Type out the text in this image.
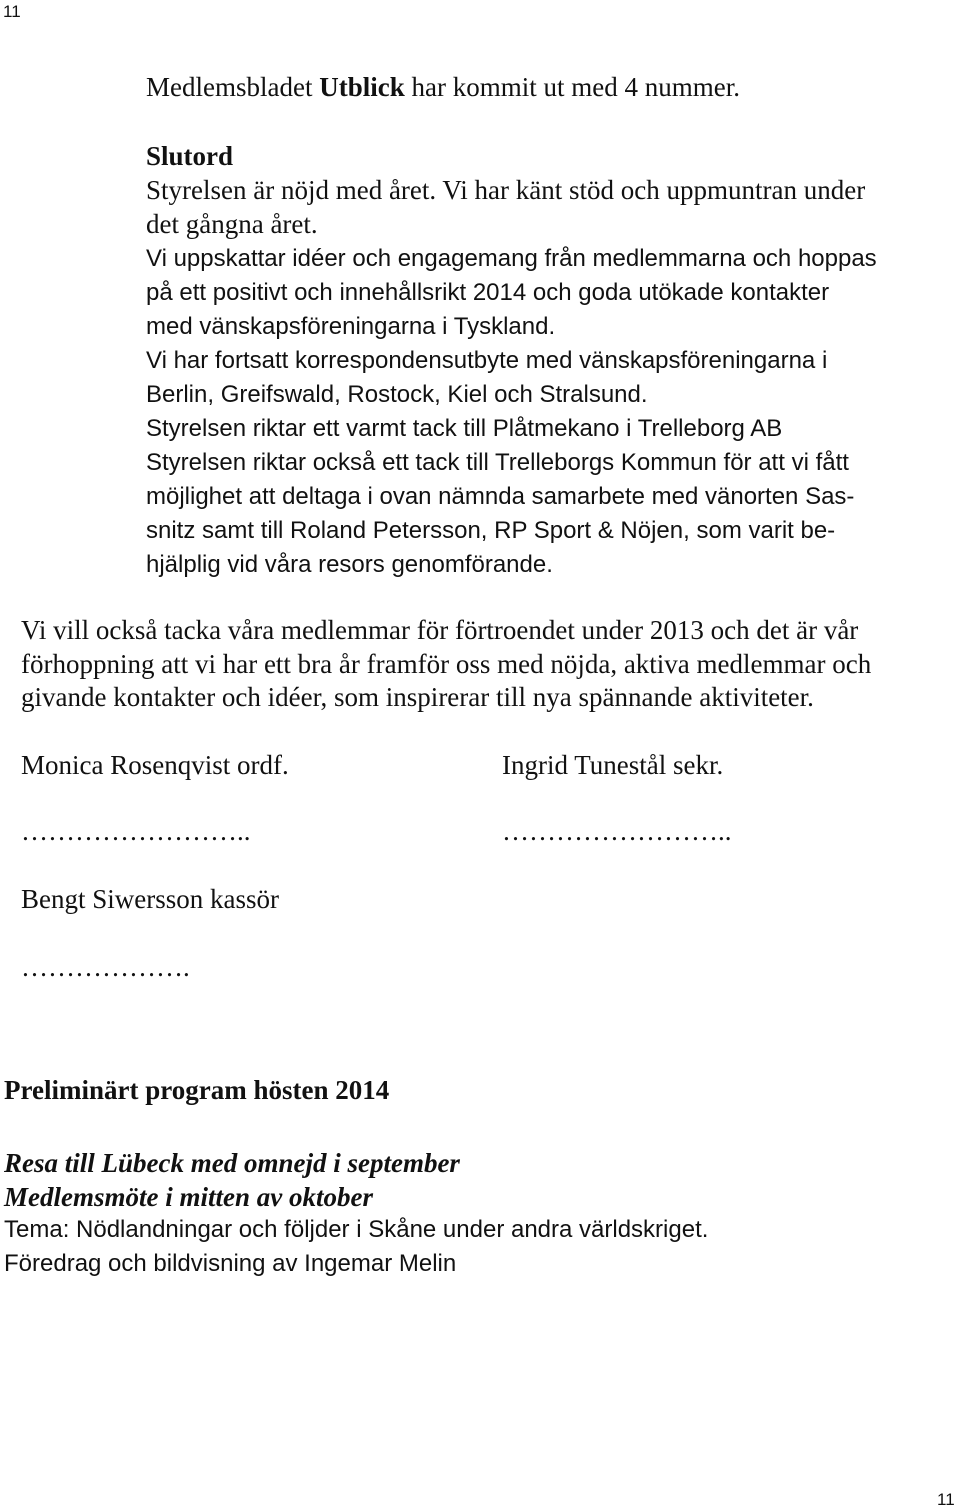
11

Medlemsbladet Utblick har kommit ut med 4 nummer.

Slutord
Styrelsen är nöjd med året. Vi har känt stöd och uppmuntran under
det gångna året.
Vi uppskattar idéer och engagemang från medlemmarna och hoppas
på ett positivt och innehållsrikt 2014 och goda utökade kontakter
med vänskapsföreningarna i Tyskland.
Vi har fortsatt korrespondensutbyte med vänskapsföreningarna i
Berlin, Greifswald, Rostock, Kiel och Stralsund.
Styrelsen riktar ett varmt tack till Plåtmekano i Trelleborg AB
Styrelsen riktar också ett tack till Trelleborgs Kommun för att vi fått
möjlighet att deltaga i ovan nämnda samarbete med vänorten Sas-
snitz samt till Roland Petersson, RP Sport & Nöjen, som varit be-
hjälplig vid våra resors genomförande.
Vi vill också tacka våra medlemmar för förtroendet under 2013 och det är vår
förhoppning att vi har ett bra år framför oss med nöjda, aktiva medlemmar och
givande kontakter och idéer, som inspirerar till nya spännande aktiviteter.
Monica Rosenqvist ordf.	Ingrid Tunestål sekr.
……………………..	……………………..
Bengt Siwersson kassör
……………….
Preliminärt program hösten 2014
Resa till Lübeck med omnejd i september
Medlemsmöte i mitten av oktober
Tema: Nödlandningar och följder i Skåne under andra världskriget.
Föredrag och bildvisning av Ingemar Melin
11
